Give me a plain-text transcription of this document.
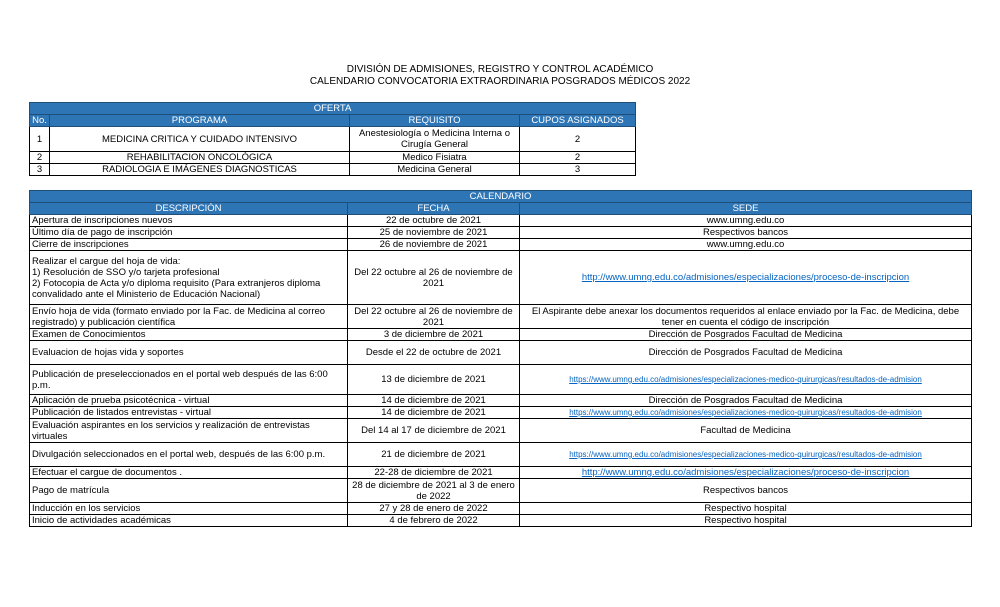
DIVISIÓN DE ADMISIONES, REGISTRO Y CONTROL ACADÉMICO
CALENDARIO CONVOCATORIA EXTRAORDINARIA POSGRADOS MÉDICOS 2022
OFERTA			
No.	PROGRAMA	REQUISITO	CUPOS ASIGNADOS
1	MEDICINA CRITICA Y CUIDADO INTENSIVO	Anestesiología o Medicina Interna o Cirugía General	2
2	REHABILITACION ONCOLÓGICA	Medico Fisiatra	2
3	RADIOLOGIA E IMÁGENES DIAGNOSTICAS	Medicina General	3
CALENDARIO		
DESCRIPCIÓN	FECHA	SEDE
Apertura de inscripciones nuevos	22 de octubre de 2021	www.umng.edu.co
Último día de pago de inscripción	25 de noviembre de 2021	Respectivos bancos
Cierre de inscripciones	26 de noviembre de 2021	www.umng.edu.co

Realizar el cargue del hoja de vida:
1) Resolución de SSO y/o tarjeta profesional
2) Fotocopia de Acta y/o diploma requisito (Para extranjeros diploma convalidado ante el Ministerio de Educación Nacional)	Del 22 octubre al 26 de noviembre de 2021	http://www.umng.edu.co/admisiones/especializaciones/proceso-de-inscripcion
Envío hoja de vida (formato enviado por la Fac. de Medicina al correo registrado) y publicación científica	Del 22 octubre al 26 de noviembre de 2021	El Aspirante debe anexar los documentos requeridos al enlace enviado por la Fac. de Medicina, debe tener en cuenta el código de inscripción
Examen de Conocimientos	3 de diciembre de 2021	Dirección de Posgrados Facultad de Medicina
Evaluacion de hojas vida y soportes	Desde el 22 de octubre de 2021	Dirección de Posgrados Facultad de Medicina
Publicación de preseleccionados en el portal web después de las 6:00 p.m.	13 de diciembre de 2021	https://www.umng.edu.co/admisiones/especializaciones-medico-quirurgicas/resultados-de-admision
Aplicación de prueba psicotécnica - virtual	14 de diciembre de 2021	Dirección de Posgrados Facultad de Medicina
Publicación de listados entrevistas - virtual	14 de diciembre de 2021	https://www.umng.edu.co/admisiones/especializaciones-medico-quirurgicas/resultados-de-admision
Evaluación aspirantes en los servicios y realización de entrevistas virtuales	Del 14 al 17 de diciembre de 2021	Facultad de Medicina
Divulgación seleccionados en el portal web, después de las 6:00 p.m.	21 de diciembre de 2021	https://www.umng.edu.co/admisiones/especializaciones-medico-quirurgicas/resultados-de-admision
Efectuar el cargue de documentos .	22-28 de diciembre de 2021	http://www.umng.edu.co/admisiones/especializaciones/proceso-de-inscripcion
Pago de matrícula	28 de diciembre de 2021 al 3 de enero de 2022	Respectivos bancos
Inducción en los servicios	27 y 28 de enero de 2022	Respectivo hospital
Inicio de actividades académicas	4 de febrero de 2022	Respectivo hospital
